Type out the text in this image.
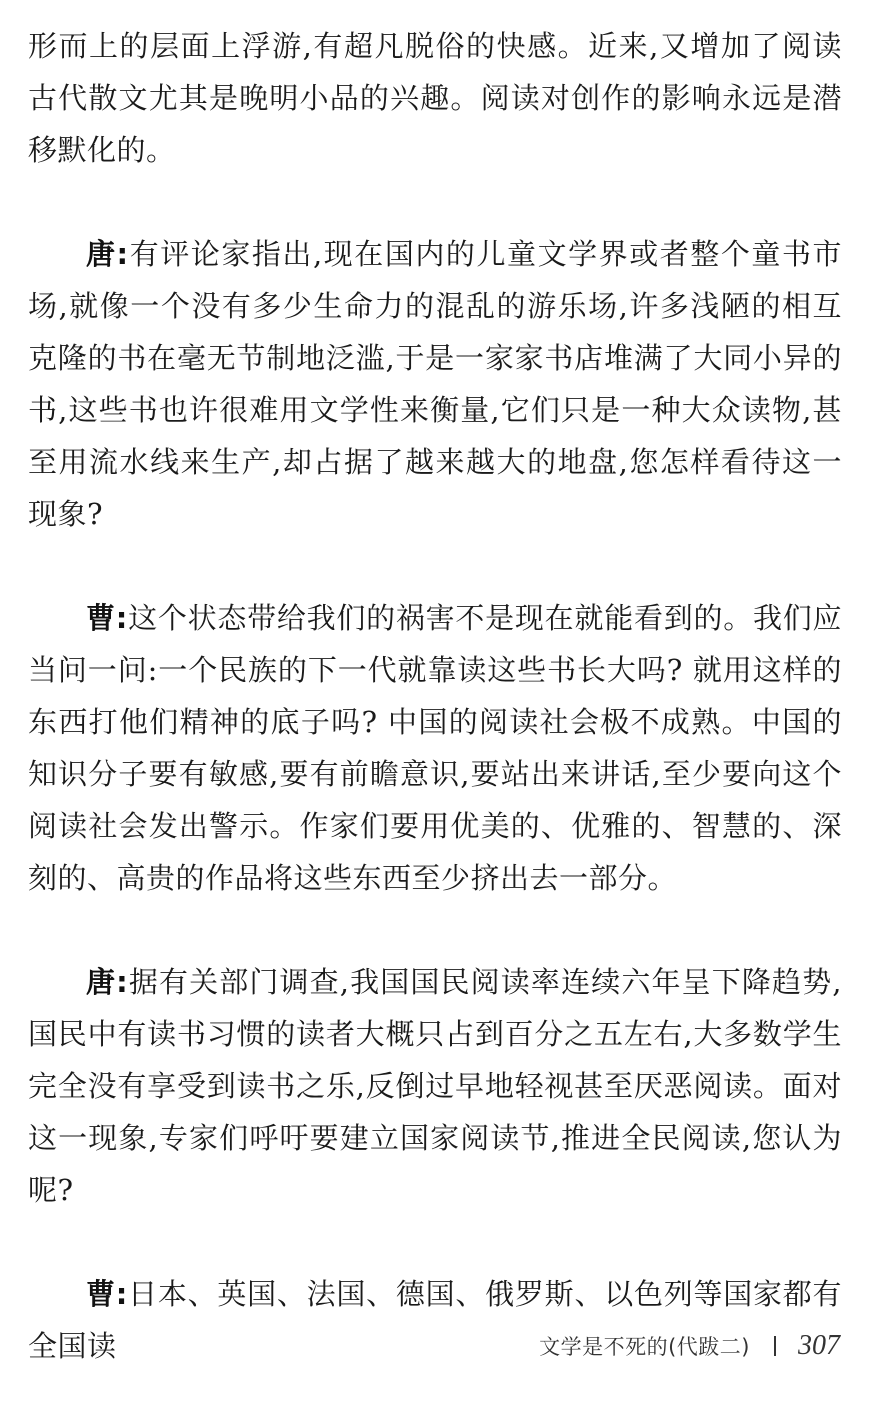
形而上的层面上浮游,有超凡脱俗的快感。近来,又增加了阅读古代散文尤其是晚明小品的兴趣。阅读对创作的影响永远是潜移默化的。

唐:有评论家指出,现在国内的儿童文学界或者整个童书市场,就像一个没有多少生命力的混乱的游乐场,许多浅陋的相互克隆的书在毫无节制地泛滥,于是一家家书店堆满了大同小异的书,这些书也许很难用文学性来衡量,它们只是一种大众读物,甚至用流水线来生产,却占据了越来越大的地盘,您怎样看待这一现象?

曹:这个状态带给我们的祸害不是现在就能看到的。我们应当问一问:一个民族的下一代就靠读这些书长大吗? 就用这样的东西打他们精神的底子吗? 中国的阅读社会极不成熟。中国的知识分子要有敏感,要有前瞻意识,要站出来讲话,至少要向这个阅读社会发出警示。作家们要用优美的、优雅的、智慧的、深刻的、高贵的作品将这些东西至少挤出去一部分。

唐:据有关部门调查,我国国民阅读率连续六年呈下降趋势,国民中有读书习惯的读者大概只占到百分之五左右,大多数学生完全没有享受到读书之乐,反倒过早地轻视甚至厌恶阅读。面对这一现象,专家们呼吁要建立国家阅读节,推进全民阅读,您认为呢?

曹:日本、英国、法国、德国、俄罗斯、以色列等国家都有全国读	文学是不死的(代跋二) 307
